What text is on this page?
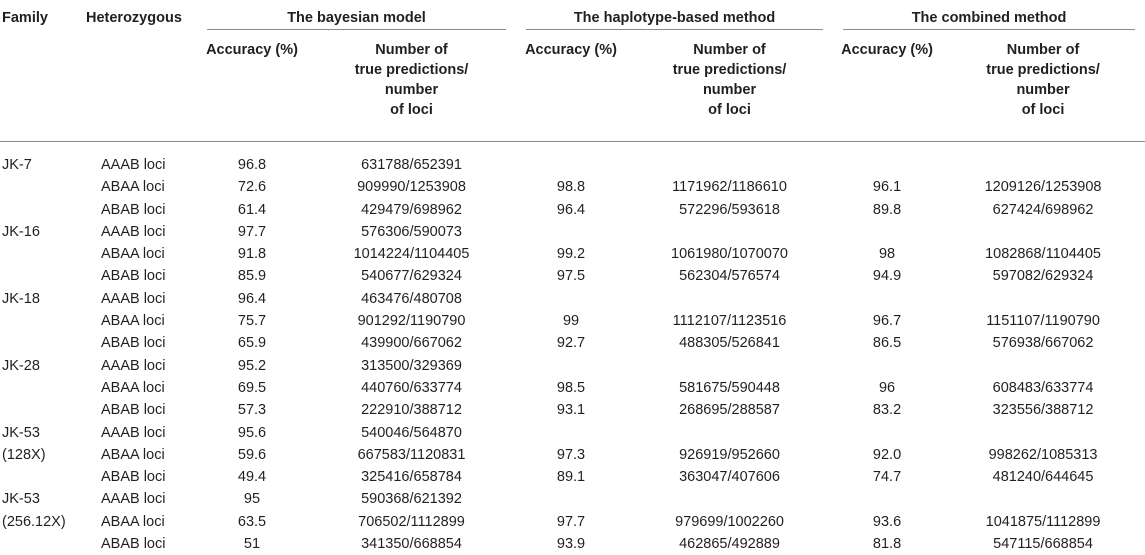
Family	Heterozygous	The bayesian model		The haplotype-based method		The combined method	
		Accuracy (%)	Number of
true predictions/
number
of loci	Accuracy (%)	Number of
true predictions/
number
of loci	Accuracy (%)	Number of
true predictions/
number
of loci
JK-7	AAAB loci	96.8	631788/652391				
	ABAA loci	72.6	909990/1253908	98.8	1171962/1186610	96.1	1209126/1253908
	ABAB loci	61.4	429479/698962	96.4	572296/593618	89.8	627424/698962
JK-16	AAAB loci	97.7	576306/590073				
	ABAA loci	91.8	1014224/1104405	99.2	1061980/1070070	98	1082868/1104405
	ABAB loci	85.9	540677/629324	97.5	562304/576574	94.9	597082/629324
JK-18	AAAB loci	96.4	463476/480708				
	ABAA loci	75.7	901292/1190790	99	1112107/1123516	96.7	1151107/1190790
	ABAB loci	65.9	439900/667062	92.7	488305/526841	86.5	576938/667062
JK-28	AAAB loci	95.2	313500/329369				
	ABAA loci	69.5	440760/633774	98.5	581675/590448	96	608483/633774
	ABAB loci	57.3	222910/388712	93.1	268695/288587	83.2	323556/388712
JK-53	AAAB loci	95.6	540046/564870				
(128X)	ABAA loci	59.6	667583/1120831	97.3	926919/952660	92.0	998262/1085313
	ABAB loci	49.4	325416/658784	89.1	363047/407606	74.7	481240/644645
JK-53	AAAB loci	95	590368/621392				
(256.12X)	ABAA loci	63.5	706502/1112899	97.7	979699/1002260	93.6	1041875/1112899
	ABAB loci	51	341350/668854	93.9	462865/492889	81.8	547115/668854
